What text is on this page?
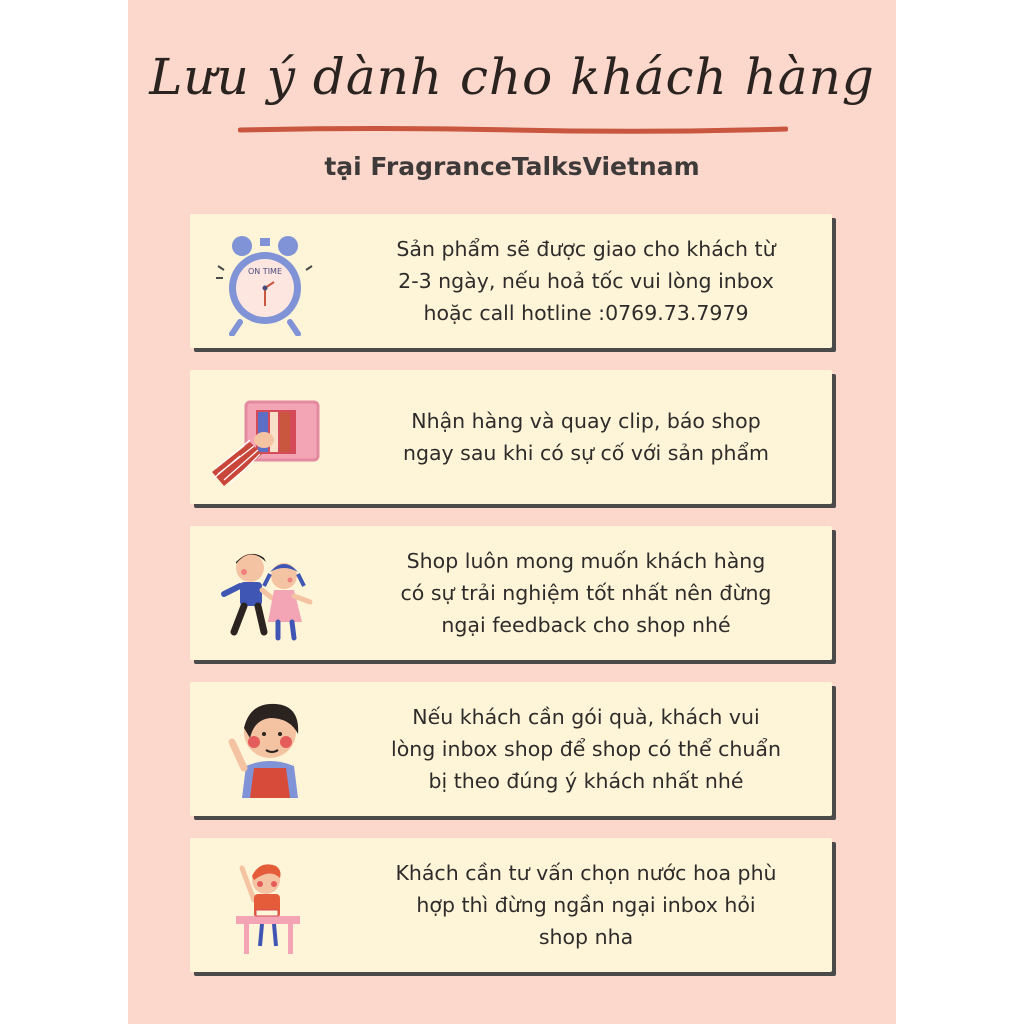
Lưu ý dành cho khách hàng
tại FragranceTalksVietnam
ON TIME
Sản phẩm sẽ được giao cho khách từ
2-3 ngày, nếu hoả tốc vui lòng inbox
hoặc call hotline :0769.73.7979
Nhận hàng và quay clip, báo shop
ngay sau khi có sự cố với sản phẩm
Shop luôn mong muốn khách hàng
có sự trải nghiệm tốt nhất nên đừng
ngại feedback cho shop nhé
Nếu khách cần gói quà, khách vui
lòng inbox shop để shop có thể chuẩn
bị theo đúng ý khách nhất nhé
Khách cần tư vấn chọn nước hoa phù
hợp thì đừng ngần ngại inbox hỏi
shop nha
